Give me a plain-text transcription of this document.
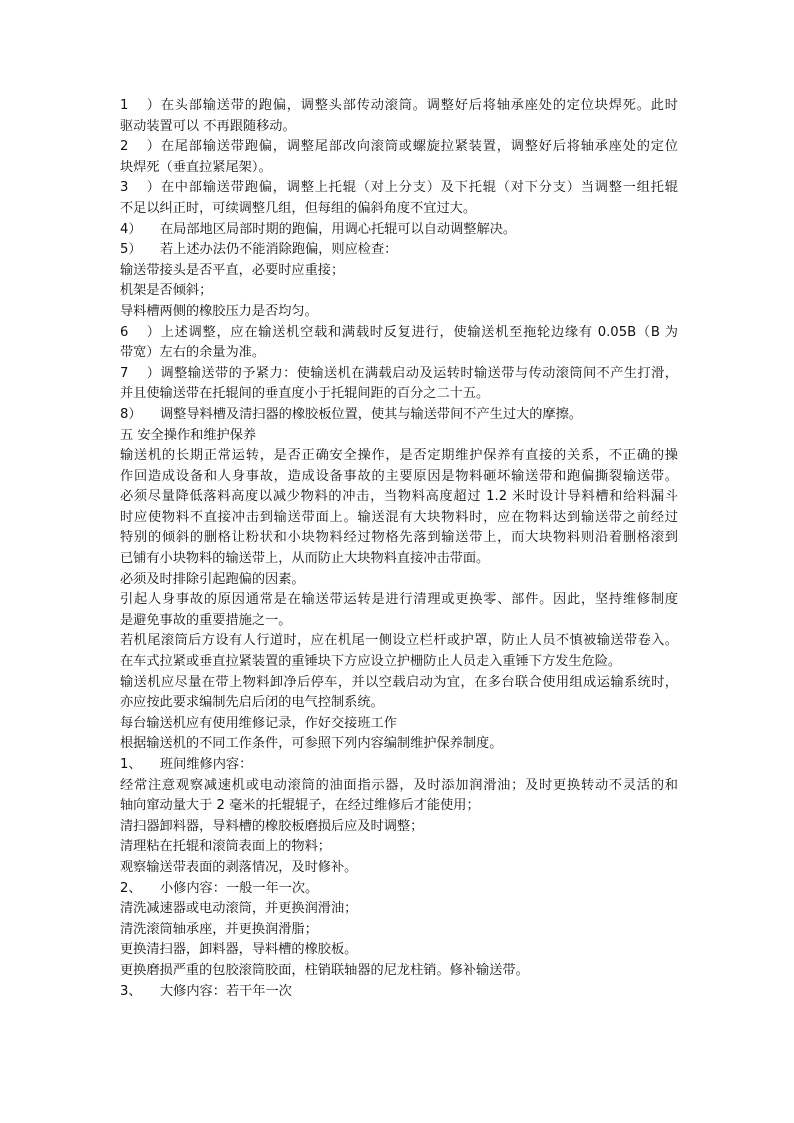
1）在头部输送带的跑偏，调整头部传动滚筒。调整好后将轴承座处的定位块焊死。此时
驱动装置可以 不再跟随移动。
2）在尾部输送带跑偏，调整尾部改向滚筒或螺旋拉紧装置，调整好后将轴承座处的定位
块焊死（垂直拉紧尾架）。
3）在中部输送带跑偏，调整上托辊（对上分支）及下托辊（对下分支）当调整一组托辊
不足以纠正时，可续调整几组，但每组的偏斜角度不宜过大。
4） 在局部地区局部时期的跑偏，用调心托辊可以自动调整解决。
5） 若上述办法仍不能消除跑偏，则应检查：
输送带接头是否平直，必要时应重接；
机架是否倾斜；
导料槽两侧的橡胶压力是否均匀。
6）上述调整，应在输送机空载和满载时反复进行，使输送机至拖轮边缘有 0.05B（B 为
带宽）左右的余量为准。
7）调整输送带的予紧力：使输送机在满载启动及运转时输送带与传动滚筒间不产生打滑，
并且使输送带在托辊间的垂直度小于托辊间距的百分之二十五。
8） 调整导料槽及清扫器的橡胶板位置，使其与输送带间不产生过大的摩擦。
五 安全操作和维护保养
输送机的长期正常运转，是否正确安全操作，是否定期维护保养有直接的关系，不正确的操
作回造成设备和人身事故，造成设备事故的主要原因是物料砸坏输送带和跑偏撕裂输送带。
必须尽量降低落料高度以减少物料的冲击，当物料高度超过 1.2 米时设计导料槽和给料漏斗
时应使物料不直接冲击到输送带面上。输送混有大块物料时，应在物料达到输送带之前经过
特别的倾斜的删格让粉状和小块物料经过物格先落到输送带上，而大块物料则沿着删格滚到
已铺有小块物料的输送带上，从而防止大块物料直接冲击带面。
必须及时排除引起跑偏的因素。
引起人身事故的原因通常是在输送带运转是进行清理或更换零、部件。因此，坚持维修制度
是避免事故的重要措施之一。
若机尾滚筒后方设有人行道时，应在机尾一侧设立栏杆或护罩，防止人员不慎被输送带卷入。
在车式拉紧或垂直拉紧装置的重锤块下方应设立护栅防止人员走入重锤下方发生危险。
输送机应尽量在带上物料卸净后停车，并以空载启动为宜，在多台联合使用组成运输系统时，
亦应按此要求编制先启后闭的电气控制系统。
每台输送机应有使用维修记录，作好交接班工作
根据输送机的不同工作条件，可参照下列内容编制维护保养制度。
1、 班间维修内容：
经常注意观察减速机或电动滚筒的油面指示器，及时添加润滑油；及时更换转动不灵活的和
轴向窜动量大于 2 毫米的托辊辊子，在经过维修后才能使用；
清扫器卸料器，导料槽的橡胶板磨损后应及时调整；
清理粘在托辊和滚筒表面上的物料；
观察输送带表面的剥落情况，及时修补。
2、 小修内容：一般一年一次。
清洗减速器或电动滚筒，并更换润滑油；
清洗滚筒轴承座，并更换润滑脂；
更换清扫器，卸料器，导料槽的橡胶板。
更换磨损严重的包胶滚筒胶面，柱销联轴器的尼龙柱销。修补输送带。
3、 大修内容：若干年一次
